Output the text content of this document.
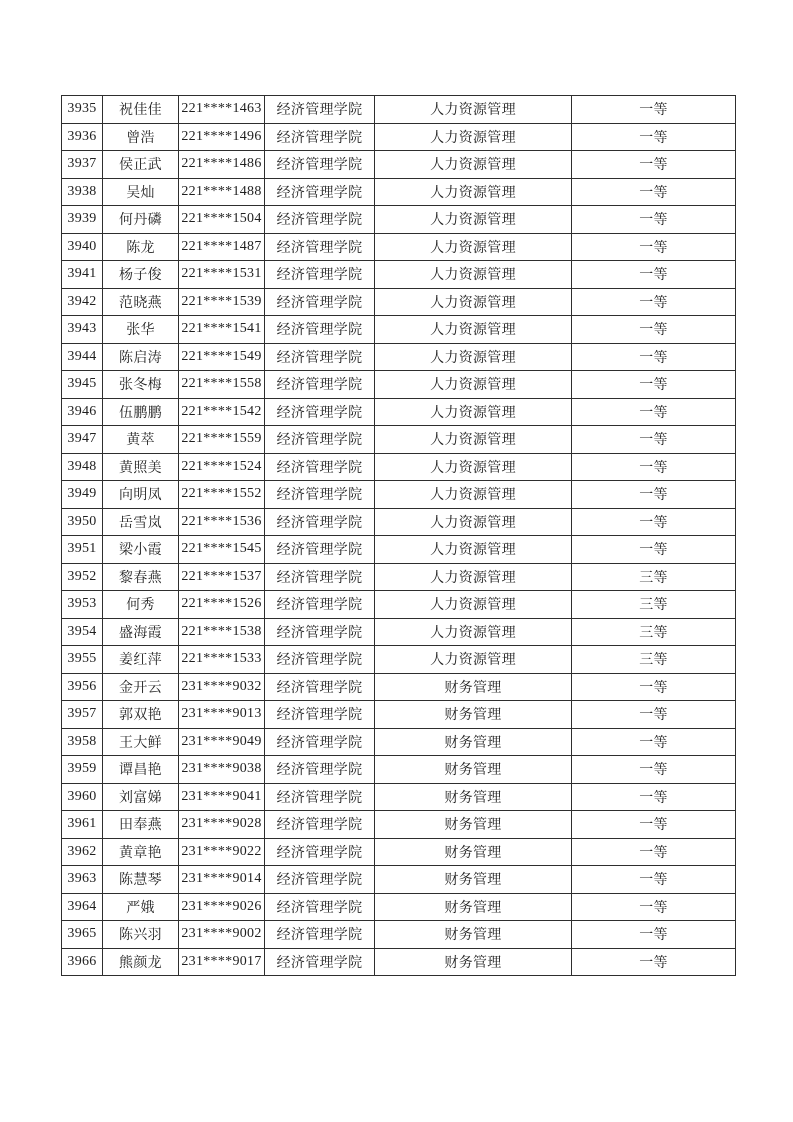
3935	祝佳佳	221****1463	经济管理学院	人力资源管理	一等
3936	曾浩	221****1496	经济管理学院	人力资源管理	一等
3937	侯正武	221****1486	经济管理学院	人力资源管理	一等
3938	吴灿	221****1488	经济管理学院	人力资源管理	一等
3939	何丹磷	221****1504	经济管理学院	人力资源管理	一等
3940	陈龙	221****1487	经济管理学院	人力资源管理	一等
3941	杨子俊	221****1531	经济管理学院	人力资源管理	一等
3942	范晓燕	221****1539	经济管理学院	人力资源管理	一等
3943	张华	221****1541	经济管理学院	人力资源管理	一等
3944	陈启涛	221****1549	经济管理学院	人力资源管理	一等
3945	张冬梅	221****1558	经济管理学院	人力资源管理	一等
3946	伍鹏鹏	221****1542	经济管理学院	人力资源管理	一等
3947	黄萃	221****1559	经济管理学院	人力资源管理	一等
3948	黄照美	221****1524	经济管理学院	人力资源管理	一等
3949	向明凤	221****1552	经济管理学院	人力资源管理	一等
3950	岳雪岚	221****1536	经济管理学院	人力资源管理	一等
3951	梁小霞	221****1545	经济管理学院	人力资源管理	一等
3952	黎春燕	221****1537	经济管理学院	人力资源管理	三等
3953	何秀	221****1526	经济管理学院	人力资源管理	三等
3954	盛海霞	221****1538	经济管理学院	人力资源管理	三等
3955	姜红萍	221****1533	经济管理学院	人力资源管理	三等
3956	金开云	231****9032	经济管理学院	财务管理	一等
3957	郭双艳	231****9013	经济管理学院	财务管理	一等
3958	王大鲜	231****9049	经济管理学院	财务管理	一等
3959	谭昌艳	231****9038	经济管理学院	财务管理	一等
3960	刘富娣	231****9041	经济管理学院	财务管理	一等
3961	田奉燕	231****9028	经济管理学院	财务管理	一等
3962	黄章艳	231****9022	经济管理学院	财务管理	一等
3963	陈慧琴	231****9014	经济管理学院	财务管理	一等
3964	严娥	231****9026	经济管理学院	财务管理	一等
3965	陈兴羽	231****9002	经济管理学院	财务管理	一等
3966	熊颜龙	231****9017	经济管理学院	财务管理	一等
